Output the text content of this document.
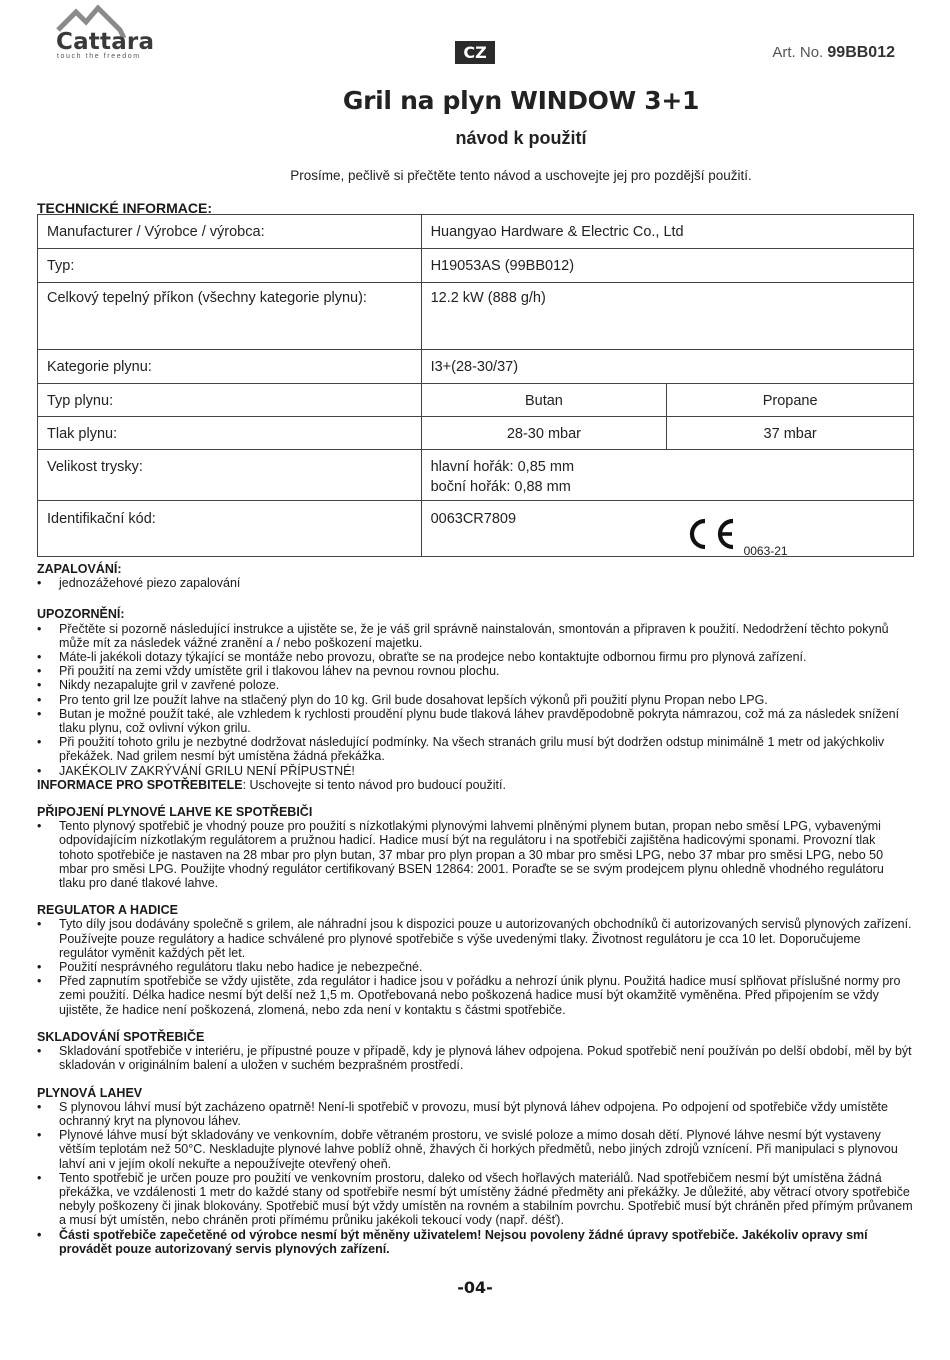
Cattara
touch the freedom	CZ	Art. No. 99BB012
Gril na plyn WINDOW 3+1
návod k použití
Prosíme, pečlivě si přečtěte tento návod a uschovejte jej pro pozdější použití.
TECHNICKÉ INFORMACE:
Manufacturer / Výrobce / výrobca:	Huangyao Hardware & Electric Co., Ltd	
Typ:	H19053AS (99BB012)	
Celkový tepelný příkon (všechny kategorie plynu):	12.2 kW (888 g/h)	
Kategorie plynu:	I3+(28-30/37)	
Typ plynu:	Butan	Propane
Tlak plynu:	28-30 mbar	37 mbar
Velikost trysky:	hlavní hořák: 0,85 mm
boční hořák: 0,88 mm	

Identifikační kód:	0063CR7809
0063-21	
ZAPALOVÁNÍ:
• jednozážehové piezo zapalování
UPOZORNĚNÍ:
• Přečtěte si pozorně následující instrukce a ujistěte se, že je váš gril správně nainstalován, smontován a připraven k použití. Nedodržení těchto pokynů může mít za následek vážné zranění a / nebo poškození majetku.
• Máte-li jakékoli dotazy týkající se montáže nebo provozu, obraťte se na prodejce nebo kontaktujte odbornou firmu pro plynová zařízení.
• Při použití na zemi vždy umístěte gril i tlakovou láhev na pevnou rovnou plochu.
• Nikdy nezapalujte gril v zavřené poloze.
• Pro tento gril lze použít lahve na stlačený plyn do 10 kg. Gril bude dosahovat lepších výkonů při použití plynu Propan nebo LPG.
• Butan je možné použít také, ale vzhledem k rychlosti proudění plynu bude tlaková láhev pravděpodobně pokryta námrazou, což má za následek snížení tlaku plynu, což ovlivní výkon grilu.
• Při použití tohoto grilu je nezbytné dodržovat následující podmínky. Na všech stranách grilu musí být dodržen odstup minimálně 1 metr od jakýchkoliv překážek. Nad grilem nesmí být umístěna žádná překážka.
• JAKÉKOLIV ZAKRÝVÁNÍ GRILU NENÍ PŘÍPUSTNÉ!
INFORMACE PRO SPOTŘEBITELE: Uschovejte si tento návod pro budoucí použití.
PŘIPOJENÍ PLYNOVÉ LAHVE KE SPOTŘEBIČI
• Tento plynový spotřebič je vhodný pouze pro použití s nízkotlakými plynovými lahvemi plněnými plynem butan, propan nebo směsí LPG, vybavenými odpovídajícím nízkotlakým regulátorem a pružnou hadicí. Hadice musí být na regulátoru i na spotřebiči zajištěna hadicovými sponami. Provozní tlak tohoto spotřebiče je nastaven na 28 mbar pro plyn butan, 37 mbar pro plyn propan a 30 mbar pro směsi LPG, nebo 37 mbar pro směsi LPG, nebo 50 mbar pro směsi LPG. Použijte vhodný regulátor certifikovaný BSEN 12864: 2001. Poraďte se se svým prodejcem plynu ohledně vhodného regulátoru tlaku pro dané tlakové lahve.
REGULATOR A HADICE
• Tyto díly jsou dodávány společně s grilem, ale náhradní jsou k dispozici pouze u autorizovaných obchodníků či autorizovaných servisů plynových zařízení. Používejte pouze regulátory a hadice schválené pro plynové spotřebiče s výše uvedenými tlaky. Životnost regulátoru je cca 10 let. Doporučujeme regulátor vyměnit každých pět let.
• Použití nesprávného regulátoru tlaku nebo hadice je nebezpečné.
• Před zapnutím spotřebiče se vždy ujistěte, zda regulátor i hadice jsou v pořádku a nehrozí únik plynu. Použitá hadice musí splňovat příslušné normy pro zemi použití. Délka hadice nesmí být delší než 1,5 m. Opotřebovaná nebo poškozená hadice musí být okamžitě vyměněna. Před připojením se vždy ujistěte, že hadice není poškozená, zlomená, nebo zda není v kontaktu s částmi spotřebiče.
SKLADOVÁNÍ SPOTŘEBIČE
• Skladování spotřebiče v interiéru, je přípustné pouze v případě, kdy je plynová láhev odpojena. Pokud spotřebič není používán po delší období, měl by být skladován v originálním balení a uložen v suchém bezprašném prostředí.
PLYNOVÁ LAHEV
• S plynovou láhví musí být zacházeno opatrně! Není-li spotřebič v provozu, musí být plynová láhev odpojena. Po odpojení od spotřebiče vždy umístěte ochranný kryt na plynovou láhev.
• Plynové láhve musí být skladovány ve venkovním, dobře větraném prostoru, ve svislé poloze a mimo dosah dětí. Plynové láhve nesmí být vystaveny větším teplotám než 50°C. Neskladujte plynové lahve poblíž ohně, žhavých či horkých předmětů, nebo jiných zdrojů vznícení. Při manipulaci s plynovou lahví ani v jejím okolí nekuřte a nepoužívejte otevřený oheň.
• Tento spotřebič je určen pouze pro použití ve venkovním prostoru, daleko od všech hořlavých materiálů. Nad spotřebičem nesmí být umístěna žádná překážka, ve vzdálenosti 1 metr do každé stany od spotřebiře nesmí být umístěny žádné předměty ani překážky. Je důležité, aby větrací otvory spotřebiče nebyly poškozeny či jinak blokovány. Spotřebič musí být vždy umístěn na rovném a stabilním povrchu. Spotřebič musí být chráněn před přímým průvanem a musí být umístěn, nebo chráněn proti přímému průniku jakékoli tekoucí vody (např. déšť).
• Části spotřebiče zapečetěné od výrobce nesmí být měněny uživatelem! Nejsou povoleny žádné úpravy spotřebiče. Jakékoliv opravy smí provádět pouze autorizovaný servis plynových zařízení.
-04-
